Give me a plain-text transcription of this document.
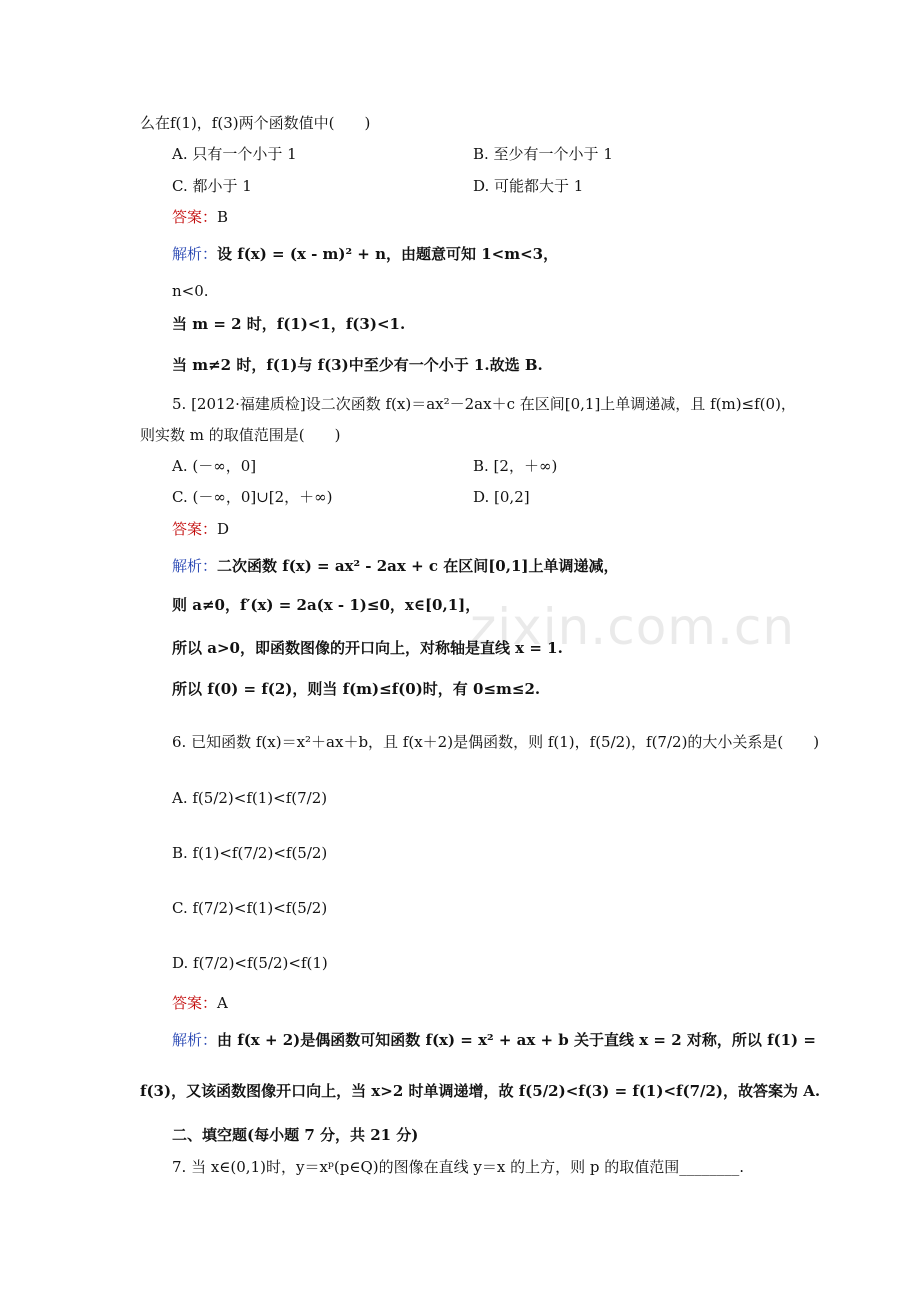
zixin.com.cn
么在f(1)，f(3)两个函数值中(　　)
A. 只有一个小于 1	B. 至少有一个小于 1
C. 都小于 1	D. 可能都大于 1
答案：B
解析：设 f(x) = (x - m)² + n，由题意可知 1<m<3，
n<0.
当 m = 2 时，f(1)<1，f(3)<1.
当 m≠2 时，f(1)与 f(3)中至少有一个小于 1.故选 B.
5. [2012·福建质检]设二次函数 f(x)＝ax²－2ax＋c 在区间[0,1]上单调递减，且 f(m)≤f(0)，
则实数 m 的取值范围是(　　)
A. (－∞，0]	B. [2，＋∞)
C. (－∞，0]∪[2，＋∞)	D. [0,2]
答案：D
解析：二次函数 f(x) = ax² - 2ax + c 在区间[0,1]上单调递减，
则 a≠0，f′(x) = 2a(x - 1)≤0，x∈[0,1]，
所以 a>0，即函数图像的开口向上，对称轴是直线 x = 1.
所以 f(0) = f(2)，则当 f(m)≤f(0)时，有 0≤m≤2.
6. 已知函数 f(x)＝x²＋ax＋b，且 f(x＋2)是偶函数，则 f(1)，f(5/2)，f(7/2)的大小关系是(　　)
A. f(5/2)<f(1)<f(7/2)
B. f(1)<f(7/2)<f(5/2)
C. f(7/2)<f(1)<f(5/2)
D. f(7/2)<f(5/2)<f(1)
答案：A
解析：由 f(x + 2)是偶函数可知函数 f(x) = x² + ax + b 关于直线 x = 2 对称，所以 f(1) =
f(3)，又该函数图像开口向上，当 x>2 时单调递增，故 f(5/2)<f(3) = f(1)<f(7/2)，故答案为 A.
二、填空题(每小题 7 分，共 21 分)
7. 当 x∈(0,1)时，y＝xᵖ(p∈Q)的图像在直线 y＝x 的上方，则 p 的取值范围________.
